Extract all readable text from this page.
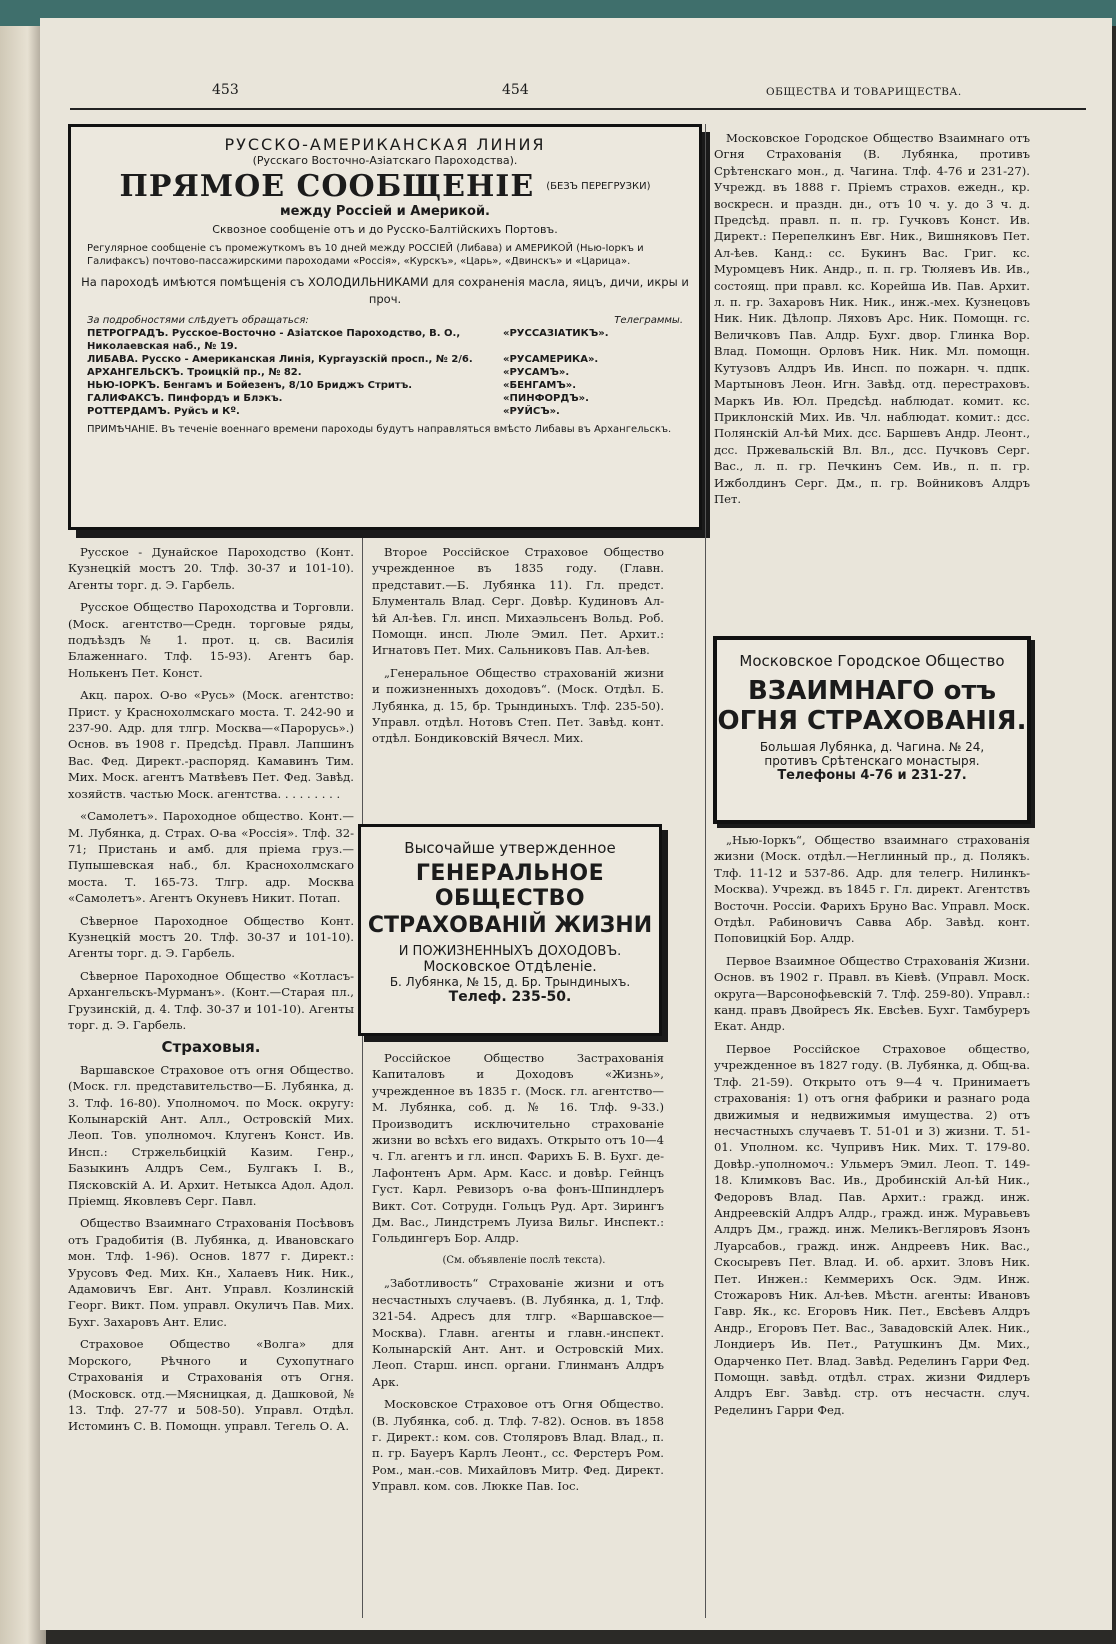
453	454	ОБЩЕСТВА И ТОВАРИЩЕСТВА.
РУССКО-АМЕРИКАНСКАЯ ЛИНИЯ
(Русскаго Восточно-Азiатскаго Пароходства).
ПРЯМОЕ СООБЩЕНIЕ (БЕЗЪ ПЕРЕГРУЗКИ)
между Россiей и Америкой.
Сквозное сообщенiе отъ и до Русско-Балтiйскихъ Портовъ.
Регулярное сообщенiе съ промежуткомъ въ 10 дней между РОССIЕЙ (Либава) и АМЕРИКОЙ (Нью-Iоркъ и Галифаксъ) почтово-пассажирскими пароходами «Россiя», «Курскъ», «Царь», «Двинскъ» и «Царица».
На пароходѣ имѣются помѣщенiя съ ХОЛОДИЛЬНИКАМИ для сохраненiя масла, яицъ, дичи, икры и проч.
За подробностями слѣдуетъ обращаться:
ПЕТРОГРАДЪ. Русское-Восточно - Азiатское Пароходство, В. О., Николаевская наб., № 19.
ЛИБАВА. Русско - Американская Линiя, Кургаузскiй просп., № 2/6.
АРХАНГЕЛЬСКЪ. Троицкiй пр., № 82.
НЬЮ-IОРКЪ. Бенгамъ и Бойезенъ, 8/10 Бриджъ Стритъ.
ГАЛИФАКСЪ. Пинфордъ и Блэкъ.
РОТТЕРДАМЪ. Руйсъ и Кº.
Телеграммы.
«РУССАЗIАТИКЪ».

«РУСАМЕРИКА».
«РУСАМЪ».
«БЕНГАМЪ».
«ПИНФОРДЪ».
«РУЙСЪ».
ПРИМѢЧАНIЕ. Въ теченiе военнаго времени пароходы будутъ направляться вмѣсто Либавы въ Архангельскъ.

Русское - Дунайское Пароходство (Конт. Кузнецкiй мостъ 20. Тлф. 30-37 и 101-10). Агенты торг. д. Э. Гарбель.

Русское Общество Пароходства и Торговли. (Моск. агентство—Средн. торговые ряды, подъѣздъ № 1. прот. ц. св. Василiя Блаженнаго. Тлф. 15-93). Агентъ бар. Нолькенъ Пет. Конст.

Акц. парох. О-во «Русь» (Моск. агентство: Прист. у Краснохолмскаго моста. Т. 242-90 и 237-90. Адр. для тлгр. Москва—«Парорусь».) Основ. въ 1908 г. Предсѣд. Правл. Лапшинъ Вас. Фед. Директ.-распоряд. Камавинъ Тим. Мих. Моск. агентъ Матвѣевъ Пет. Фед. Завѣд. хозяйств. частью Моск. агентства. . . . . . . . .

«Самолетъ». Пароходное общество. Конт.—М. Лубянка, д. Страх. О-ва «Россiя». Тлф. 32-71; Пристань и амб. для прiема груз.—Пупышевская наб., бл. Краснохолмскаго моста. Т. 165-73. Тлгр. адр. Москва «Самолетъ». Агентъ Окуневъ Никит. Потап.

Сѣверное Пароходное Общество Конт. Кузнецкiй мостъ 20. Тлф. 30-37 и 101-10). Агенты торг. д. Э. Гарбель.

Сѣверное Пароходное Общество «Котласъ-Архангельскъ-Мурманъ». (Конт.—Старая пл., Грузинскiй, д. 4. Тлф. 30-37 и 101-10). Агенты торг. д. Э. Гарбель.

Страховыя.

Варшавское Страховое отъ огня Общество. (Моск. гл. представительство—Б. Лубянка, д. 3. Тлф. 16-80). Уполномоч. по Моск. округу: Колынарскiй Ант. Алл., Островскiй Мих. Леоп. Тов. уполномоч. Клугенъ Конст. Ив. Инсп.: Стржельбицкiй Казим. Генр., Базыкинъ Алдръ Сем., Булгакъ I. В., Пясковскiй А. И. Архит. Нетыкса Адол. Адол. Прiемщ. Яковлевъ Серг. Павл.

Общество Взаимнаго Страхованiя Посѣвовъ отъ Градобитiя (В. Лубянка, д. Ивановскаго мон. Тлф. 1-96). Основ. 1877 г. Директ.: Урусовъ Фед. Мих. Кн., Халаевъ Ник. Ник., Адамовичъ Евг. Ант. Управл. Козлинскiй Георг. Викт. Пом. управл. Окуличъ Пав. Мих. Бухг. Захаровъ Ант. Елис.

Страховое Общество «Волга» для Морского, Рѣчного и Сухопутнаго Страхованiя и Страхованiя отъ Огня. (Московск. отд.—Мясницкая, д. Дашковой, № 13. Тлф. 27-77 и 508-50). Управл. Отдѣл. Истоминъ С. В. Помощн. управл. Тегель О. А.

Второе Россiйское Страховое Общество учрежденное въ 1835 году. (Главн. представит.—Б. Лубянка 11). Гл. предст. Блументаль Влад. Серг. Довѣр. Кудиновъ Ал-ѣй Ал-ѣев. Гл. инсп. Михаэльсенъ Вольд. Роб. Помощн. инсп. Люле Эмил. Пет. Архит.: Игнатовъ Пет. Мих. Сальниковъ Пав. Ал-ѣев.

„Генеральное Общество страхованiй жизни и пожизненныхъ доходовъ“. (Моск. Отдѣл. Б. Лубянка, д. 15, бр. Трындиныхъ. Тлф. 235-50). Управл. отдѣл. Нотовъ Степ. Пет. Завѣд. конт. отдѣл. Бондиковскiй Вячесл. Мих.

Высочайше утвержденное
ГЕНЕРАЛЬНОЕ ОБЩЕСТВО
СТРАХОВАНIЙ ЖИЗНИ
И ПОЖИЗНЕННЫХЪ ДОХОДОВЪ.
Московское Отдѣленiе.
Б. Лубянка, № 15, д. Бр. Трындиныхъ.
Телеф. 235-50.

Россiйское Общество Застрахованiя Капиталовъ и Доходовъ «Жизнь», учрежденное въ 1835 г. (Моск. гл. агентство—М. Лубянка, соб. д. № 16. Тлф. 9-33.) Производитъ исключительно страхованiе жизни во всѣхъ его видахъ. Открыто отъ 10—4 ч. Гл. агентъ и гл. инсп. Фарихъ Б. В. Бухг. де-Лафонтенъ Арм. Арм. Касс. и довѣр. Гейнцъ Густ. Карл. Ревизоръ о-ва фонъ-Шпиндлеръ Викт. Сот. Сотрудн. Гольцъ Руд. Арт. Зирингъ Дм. Вас., Линдстремъ Луиза Вильг. Инспект.: Гольдингеръ Бор. Алдр.

(См. объявленiе послѣ текста).

„Заботливость“ Страхованiе жизни и отъ несчастныхъ случаевъ. (В. Лубянка, д. 1, Тлф. 321-54. Адресъ для тлгр. «Варшавское—Москва). Главн. агенты и главн.-инспект. Колынарскiй Ант. Ант. и Островскiй Мих. Леоп. Старш. инсп. органи. Глинманъ Алдръ Арк.

Московское Страховое отъ Огня Общество. (В. Лубянка, соб. д. Тлф. 7-82). Основ. въ 1858 г. Директ.: ком. сов. Столяровъ Влад. Влад., п. п. гр. Бауеръ Карлъ Леонт., сс. Ферстеръ Ром. Ром., ман.-сов. Михайловъ Митр. Фед. Директ. Управл. ком. сов. Люкке Пав. Iос.

Московское Городское Общество Взаимнаго отъ Огня Страхованiя (В. Лубянка, противъ Срѣтенскаго мон., д. Чагина. Тлф. 4-76 и 231-27). Учрежд. въ 1888 г. Прiемъ страхов. ежедн., кр. воскресн. и праздн. дн., отъ 10 ч. у. до 3 ч. д. Предсѣд. правл. п. п. гр. Гучковъ Конст. Ив. Директ.: Перепелкинъ Евг. Ник., Вишняковъ Пет. Ал-ѣев. Канд.: сс. Букинъ Вас. Григ. кс. Муромцевъ Ник. Андр., п. п. гр. Тюляевъ Ив. Ив., состоящ. при правл. кс. Корейша Ив. Пав. Архит. л. п. гр. Захаровъ Ник. Ник., инж.-мех. Кузнецовъ Ник. Ник. Дѣлопр. Ляховъ Арс. Ник. Помощн. гс. Величковъ Пав. Алдр. Бухг. двор. Глинка Вор. Влад. Помощн. Орловъ Ник. Ник. Мл. помощн. Кутузовъ Алдръ Ив. Инсп. по пожарн. ч. пдпк. Мартыновъ Леон. Игн. Завѣд. отд. перестраховъ. Маркъ Ив. Юл. Предсѣд. наблюдат. комит. кс. Приклонскiй Мих. Ив. Чл. наблюдат. комит.: дсс. Полянскiй Ал-ѣй Мих. дсс. Баршевъ Андр. Леонт., дсс. Пржевальскiй Вл. Вл., дсс. Пучковъ Серг. Вас., л. п. гр. Печкинъ Сем. Ив., п. п. гр. Ижболдинъ Серг. Дм., п. гр. Войниковъ Алдръ Пет.

Московское Городское Общество
ВЗАИМНАГО отъ
ОГНЯ СТРАХОВАНIЯ.
Большая Лубянка, д. Чагина. № 24,
противъ Срѣтенскаго монастыря.
Телефоны 4-76 и 231-27.

„Нью-Iоркъ“, Общество взаимнаго страхованiя жизни (Моск. отдѣл.—Неглинный пр., д. Полякъ. Тлф. 11-12 и 537-86. Адр. для телегр. Нилинкъ-Москва). Учрежд. въ 1845 г. Гл. директ. Агентствъ Восточн. Россiи. Фарихъ Бруно Вас. Управл. Моск. Отдѣл. Рабиновичъ Савва Абр. Завѣд. конт. Поповицкiй Бор. Алдр.

Первое Взаимное Общество Страхованiя Жизни. Основ. въ 1902 г. Правл. въ Кiевѣ. (Управл. Моск. округа—Варсонофьевскiй 7. Тлф. 259-80). Управл.: канд. правъ Двойресъ Як. Евсѣев. Бухг. Тамбуреръ Екат. Андр.

Первое Россiйское Страховое общество, учрежденное въ 1827 году. (В. Лубянка, д. Общ-ва. Тлф. 21-59). Открыто отъ 9—4 ч. Принимаетъ страхованiя: 1) отъ огня фабрики и разнаго рода движимыя и недвижимыя имущества. 2) отъ несчастныхъ случаевъ Т. 51-01 и 3) жизни. Т. 51-01. Уполном. кс. Чупривъ Ник. Мих. Т. 179-80. Довѣр.-уполномоч.: Ульмеръ Эмил. Леоп. Т. 149-18. Климковъ Вас. Ив., Дробинскiй Ал-ѣй Ник., Федоровъ Влад. Пав. Архит.: гражд. инж. Андреевскiй Алдръ Алдр., гражд. инж. Муравьевъ Алдръ Дм., гражд. инж. Меликъ-Вегляровъ Язонъ Луарсабов., гражд. инж. Андреевъ Ник. Вас., Скосыревъ Пет. Влад. И. об. архит. Зловъ Ник. Пет. Инжен.: Кеммерихъ Оск. Эдм. Инж. Стожаровъ Ник. Ал-ѣев. Мѣстн. агенты: Ивановъ Гавр. Як., кс. Егоровъ Ник. Пет., Евсѣевъ Алдръ Андр., Егоровъ Пет. Вас., Завадовскiй Алек. Ник., Лондиеръ Ив. Пет., Ратушкинъ Дм. Мих., Одарченко Пет. Влад. Завѣд. Ределинъ Гарри Фед. Помощн. завѣд. отдѣл. страх. жизни Фидлеръ Алдръ Евг. Завѣд. стр. отъ несчастн. случ. Ределинъ Гарри Фед.
